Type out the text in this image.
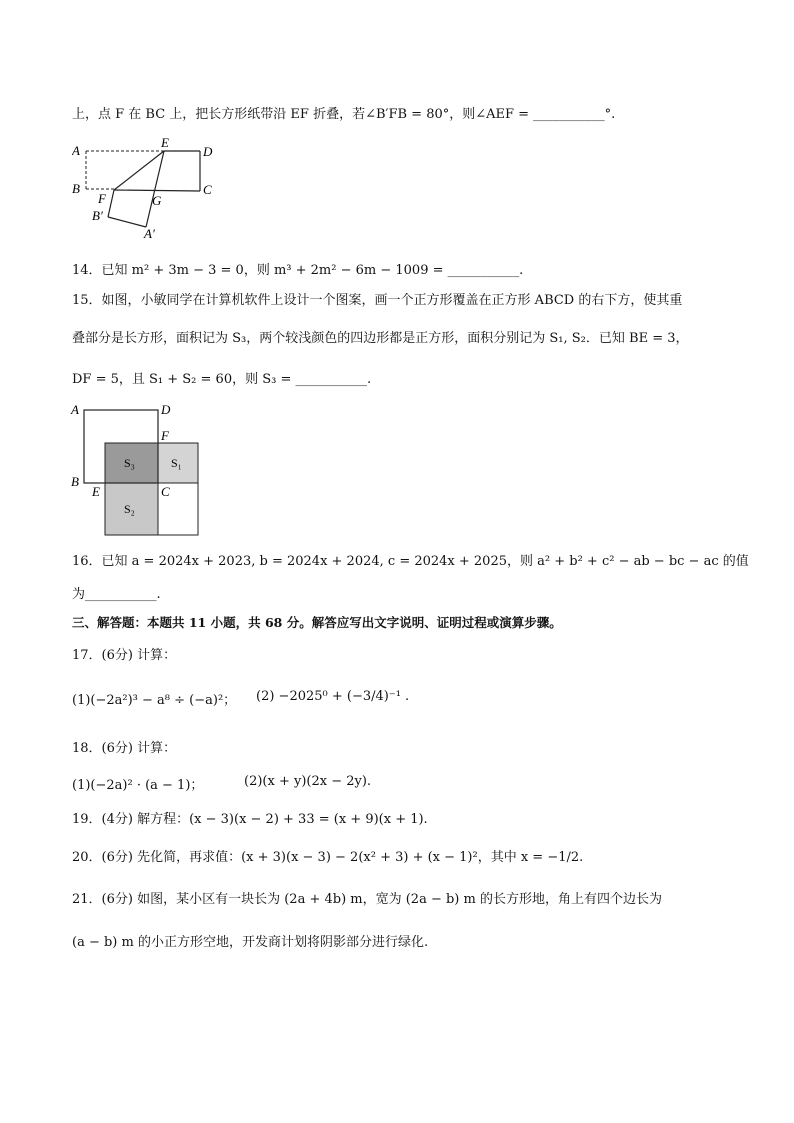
上，点 F 在 BC 上，把长方形纸带沿 EF 折叠，若∠B′FB = 80°，则∠AEF = ___________°.
A
E
D
B	C
F	G
B′
A′
14．已知 m² + 3m − 3 = 0，则 m³ + 2m² − 6m − 1009 = ___________.
15．如图，小敏同学在计算机软件上设计一个图案，画一个正方形覆盖在正方形 ABCD 的右下方，使其重
叠部分是长方形，面积记为 S₃，两个较浅颜色的四边形都是正方形，面积分别记为 S₁, S₂．已知 BE = 3，
DF = 5，且 S₁ + S₂ = 60，则 S₃ = ___________.
A	D
F
S₃	S₁
B
E	C
S₂
16．已知 a = 2024x + 2023, b = 2024x + 2024, c = 2024x + 2025，则 a² + b² + c² − ab − bc − ac 的值
为___________.
三、解答题：本题共 11 小题，共 68 分。解答应写出文字说明、证明过程或演算步骤。
17．(6分) 计算：
(1)(−2a²)³ − a⁸ ÷ (−a)²； (2) −2025⁰ + (−3/4)⁻¹ .
18．(6分) 计算：
(1)(−2a)² · (a − 1)；	(2)(x + y)(2x − 2y).
19．(4分) 解方程：(x − 3)(x − 2) + 33 = (x + 9)(x + 1).
20．(6分) 先化简，再求值：(x + 3)(x − 3) − 2(x² + 3) + (x − 1)²，其中 x = −1/2.
21．(6分) 如图，某小区有一块长为 (2a + 4b) m，宽为 (2a − b) m 的长方形地，角上有四个边长为
(a − b) m 的小正方形空地，开发商计划将阴影部分进行绿化.
